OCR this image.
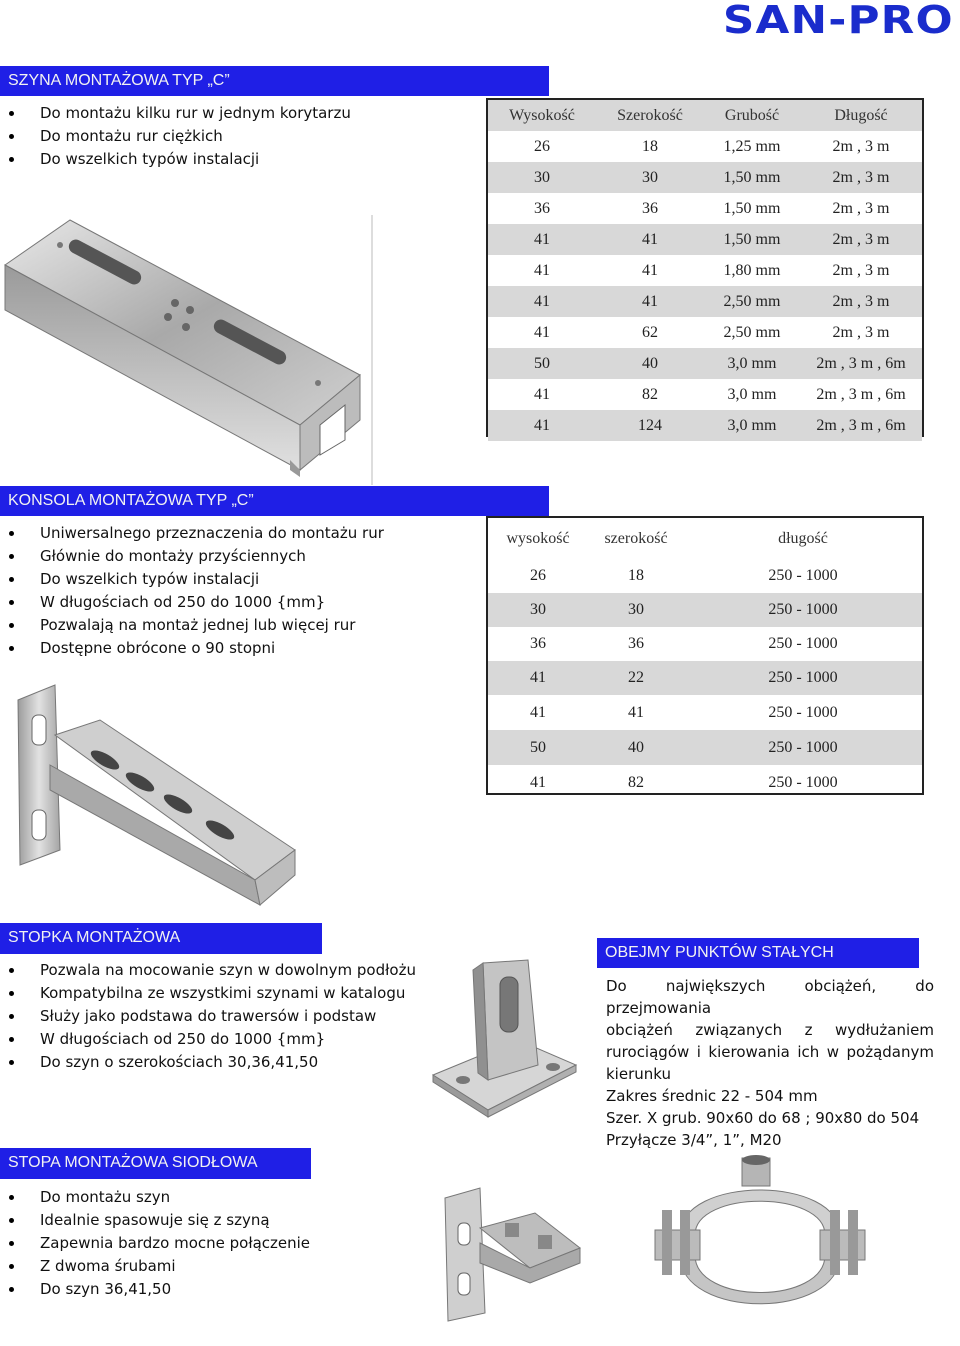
SAN-PRO
SZYNA MONTAŻOWA TYP „C”
Do montażu kilku rur w jednym korytarzu
Do montażu rur ciężkich
Do wszelkich typów instalacji
Wysokość	Szerokość	Grubość	Długość
26	18	1,25 mm	2m , 3 m
30	30	1,50 mm	2m , 3 m
36	36	1,50 mm	2m , 3 m
41	41	1,50 mm	2m , 3 m
41	41	1,80 mm	2m , 3 m
41	41	2,50 mm	2m , 3 m
41	62	2,50 mm	2m , 3 m
50	40	3,0 mm	2m , 3 m , 6m
41	82	3,0 mm	2m , 3 m , 6m
41	124	3,0 mm	2m , 3 m , 6m
KONSOLA MONTAŻOWA TYP „C”
Uniwersalnego przeznaczenia do montażu rur
Głównie do montaży przyściennych
Do wszelkich typów instalacji
W długościach od 250 do 1000 {mm}
Pozwalają na montaż jednej lub więcej rur
Dostępne obrócone o 90 stopni
wysokość	szerokość	długość
26	18	250 - 1000
30	30	250 - 1000
36	36	250 - 1000
41	22	250 - 1000
41	41	250 - 1000
50	40	250 - 1000
41	82	250 - 1000
STOPKA MONTAŻOWA
Pozwala na mocowanie szyn w dowolnym podłożu
Kompatybilna ze wszystkimi szynami w katalogu
Służy jako podstawa do trawersów i podstaw
W długościach od 250 do 1000 {mm}
Do szyn o szerokościach 30,36,41,50
OBEJMY PUNKTÓW STAŁYCH
Do największych obciążeń, do przejmowania
obciążeń związanych z wydłużaniem
rurociągów i kierowania ich w pożądanym
kierunku
Zakres średnic 22 - 504 mm
Szer. X grub. 90x60 do 68 ; 90x80 do 504
Przyłącze 3/4”, 1”, M20
STOPA MONTAŻOWA SIODŁOWA
Do montażu szyn
Idealnie spasowuje się z szyną
Zapewnia bardzo mocne połączenie
Z dwoma śrubami
Do szyn 36,41,50
